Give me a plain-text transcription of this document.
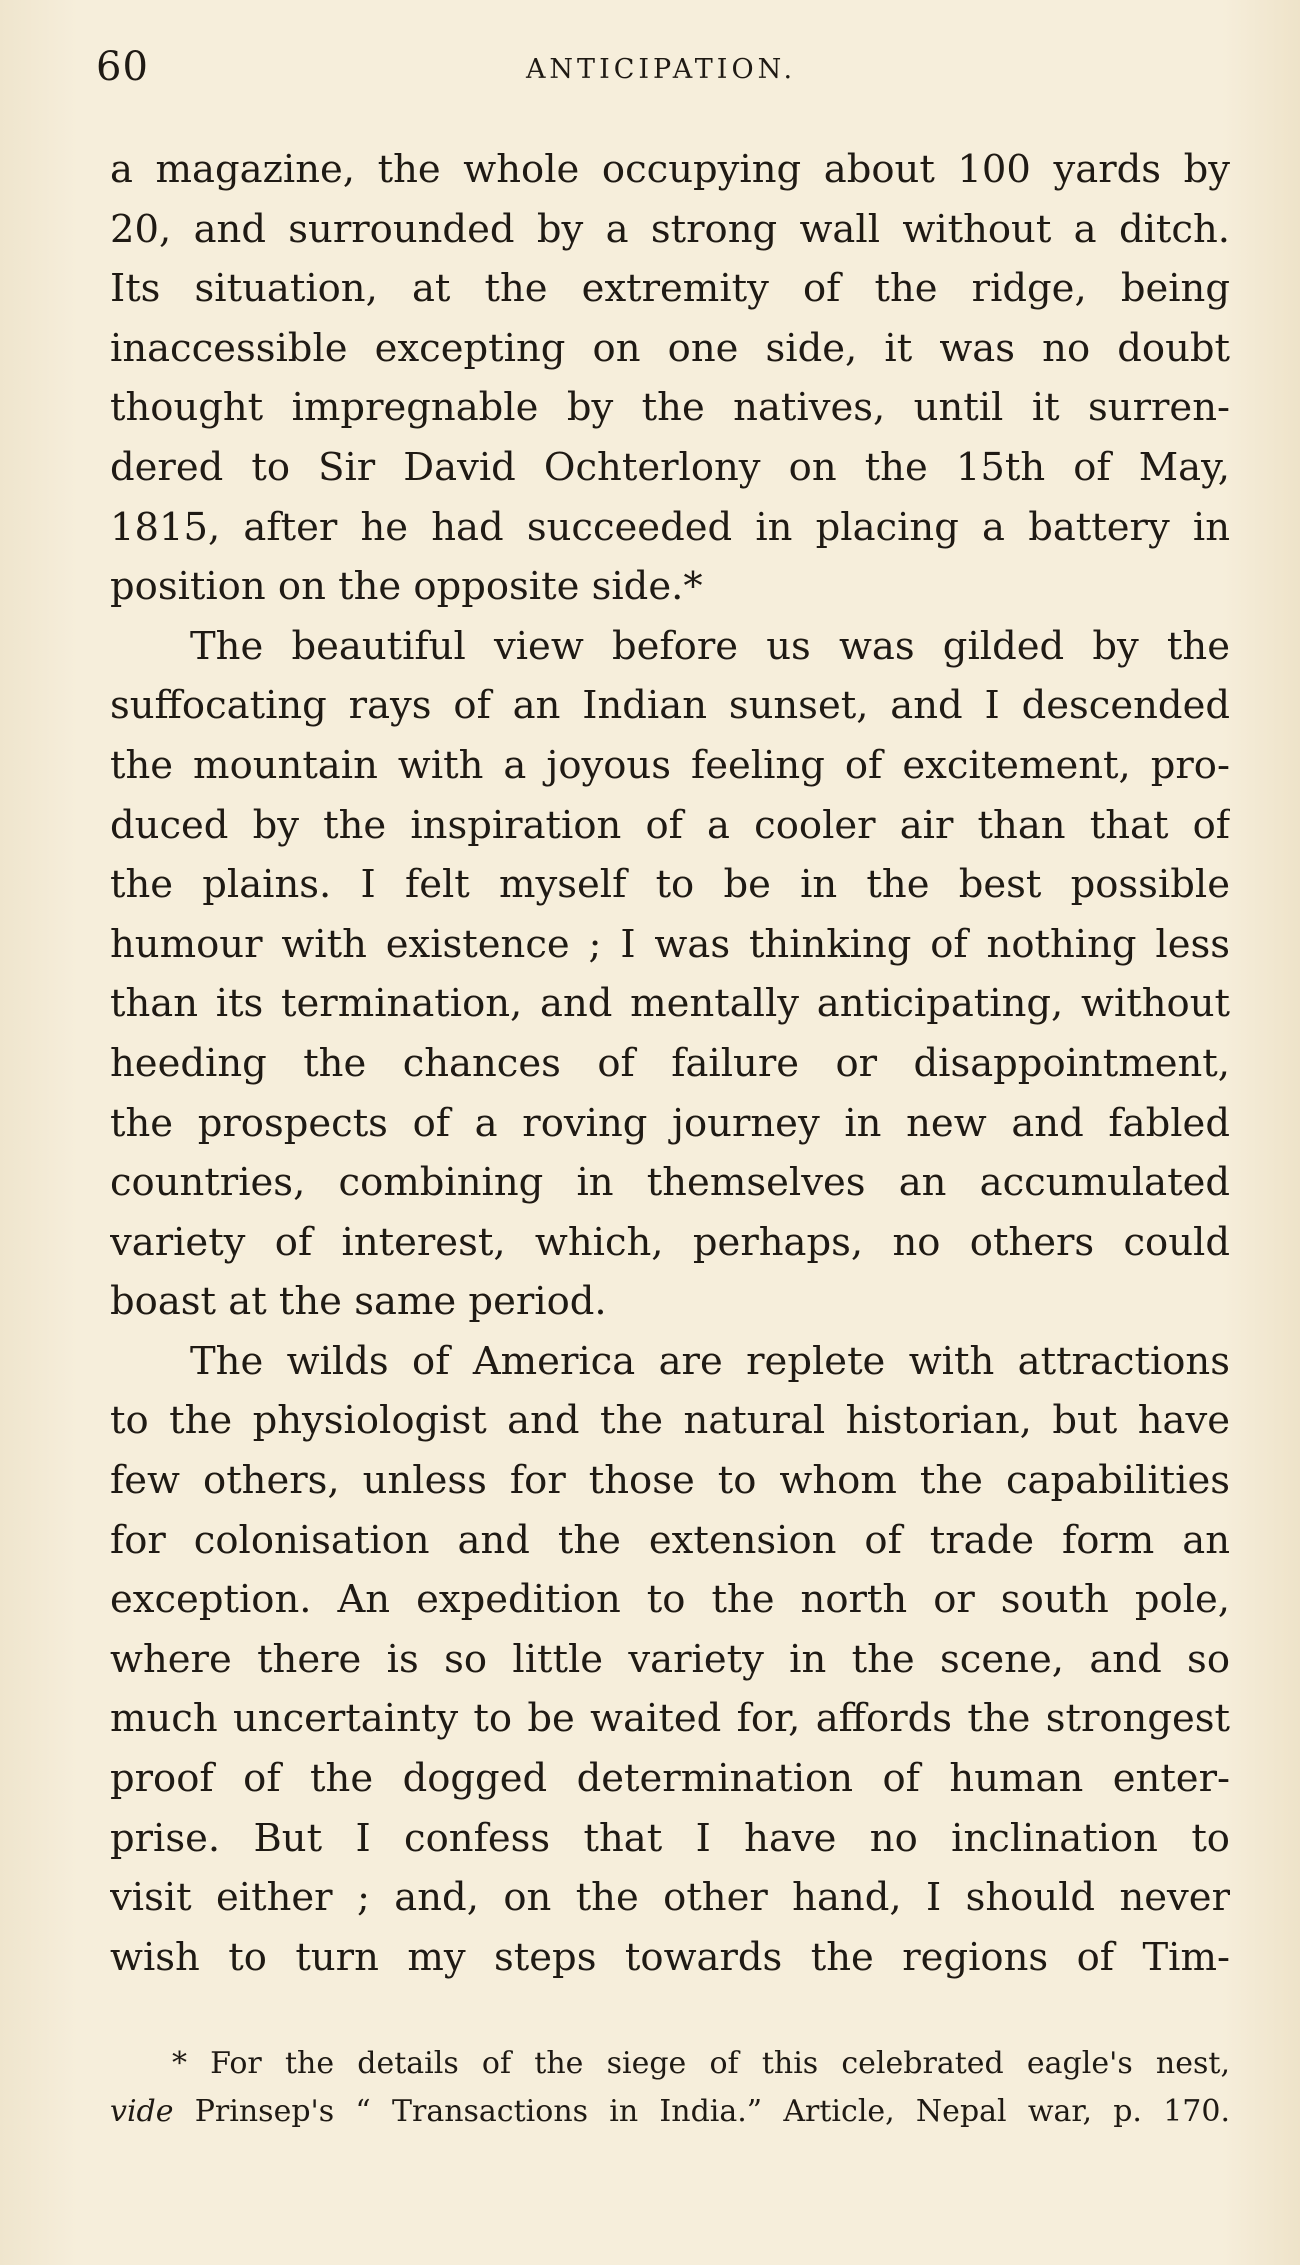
60	ANTICIPATION.
a magazine, the whole occupying about 100 yards by
20, and surrounded by a strong wall without a ditch.
Its situation, at the extremity of the ridge, being
inaccessible excepting on one side, it was no doubt
thought impregnable by the natives, until it surren-
dered to Sir David Ochterlony on the 15th of May,
1815, after he had succeeded in placing a battery in
position on the opposite side.*
The beautiful view before us was gilded by the
suffocating rays of an Indian sunset, and I descended
the mountain with a joyous feeling of excitement, pro-
duced by the inspiration of a cooler air than that of
the plains. I felt myself to be in the best possible
humour with existence ; I was thinking of nothing less
than its termination, and mentally anticipating, without
heeding the chances of failure or disappointment,
the prospects of a roving journey in new and fabled
countries, combining in themselves an accumulated
variety of interest, which, perhaps, no others could
boast at the same period.
The wilds of America are replete with attractions
to the physiologist and the natural historian, but have
few others, unless for those to whom the capabilities
for colonisation and the extension of trade form an
exception. An expedition to the north or south pole,
where there is so little variety in the scene, and so
much uncertainty to be waited for, affords the strongest
proof of the dogged determination of human enter-
prise. But I confess that I have no inclination to
visit either ; and, on the other hand, I should never
wish to turn my steps towards the regions of Tim-
* For the details of the siege of this celebrated eagle's nest,
vide Prinsep's “ Transactions in India.” Article, Nepal war, p. 170.
